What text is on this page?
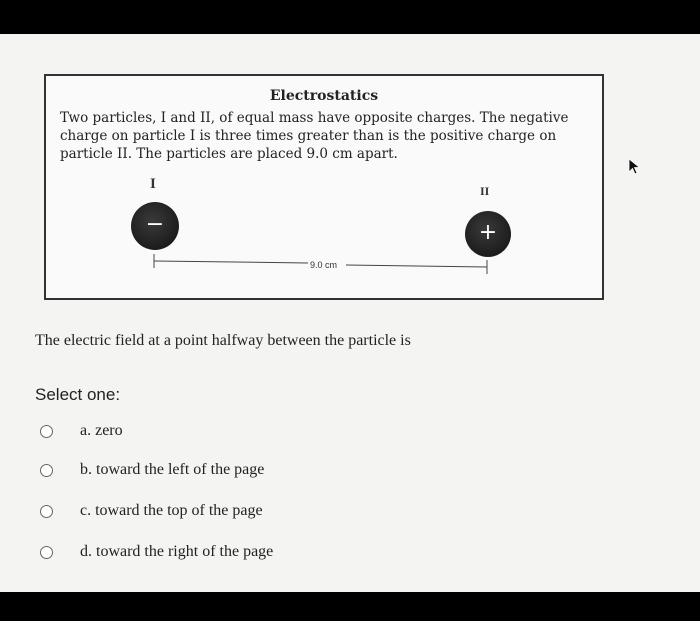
Electrostatics
Two particles, I and II, of equal mass have opposite charges. The negative charge on particle I is three times greater than is the positive charge on particle II. The particles are placed 9.0 cm apart.
I	II
−	+
9.0 cm
The electric field at a point halfway between the particle is
Select one:
a. zero
b. toward the left of the page
c. toward the top of the page
d. toward the right of the page
